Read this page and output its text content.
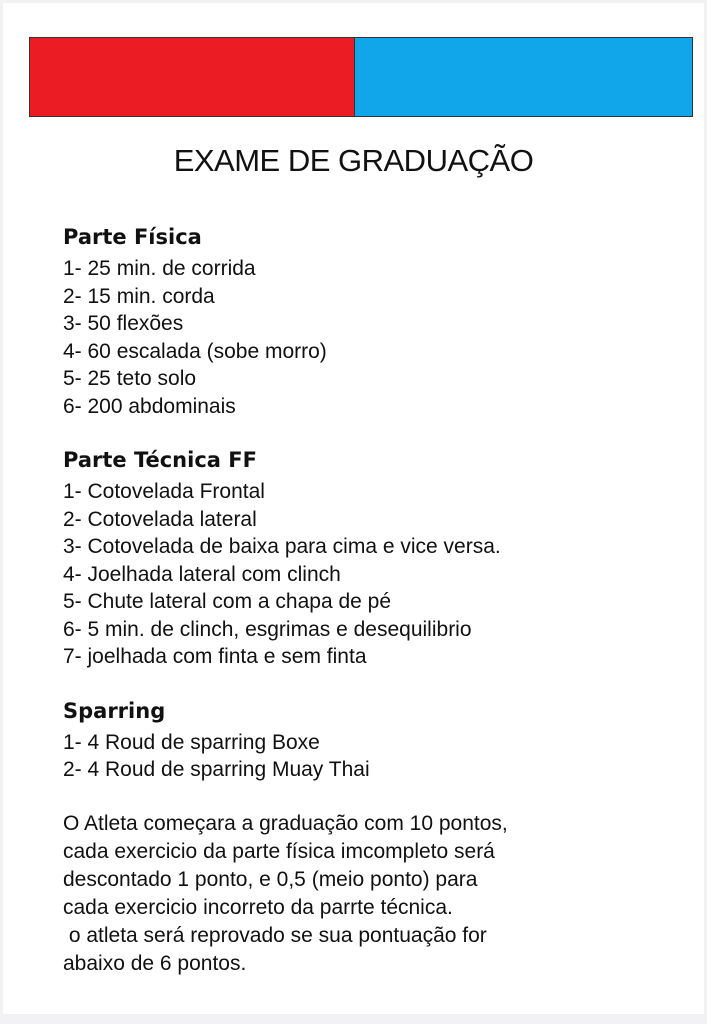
EXAME DE GRADUAÇÃO
Parte Física
1- 25 min. de corrida
2- 15 min. corda
3- 50 flexões
4- 60 escalada (sobe morro)
5- 25 teto solo
6- 200 abdominais
Parte Técnica FF
1- Cotovelada Frontal
2- Cotovelada lateral
3- Cotovelada de baixa para cima e vice versa.
4- Joelhada lateral com clinch
5- Chute lateral com a chapa de pé
6- 5 min. de clinch, esgrimas e desequilibrio
7- joelhada com finta e sem finta
Sparring
1- 4 Roud de sparring Boxe
2- 4 Roud de sparring Muay Thai
O Atleta começara a graduação com 10 pontos,
cada exercicio da parte física imcompleto será
descontado 1 ponto, e 0,5 (meio ponto) para
cada exercicio incorreto da parrte técnica.
o atleta será reprovado se sua pontuação for
abaixo de 6 pontos.
